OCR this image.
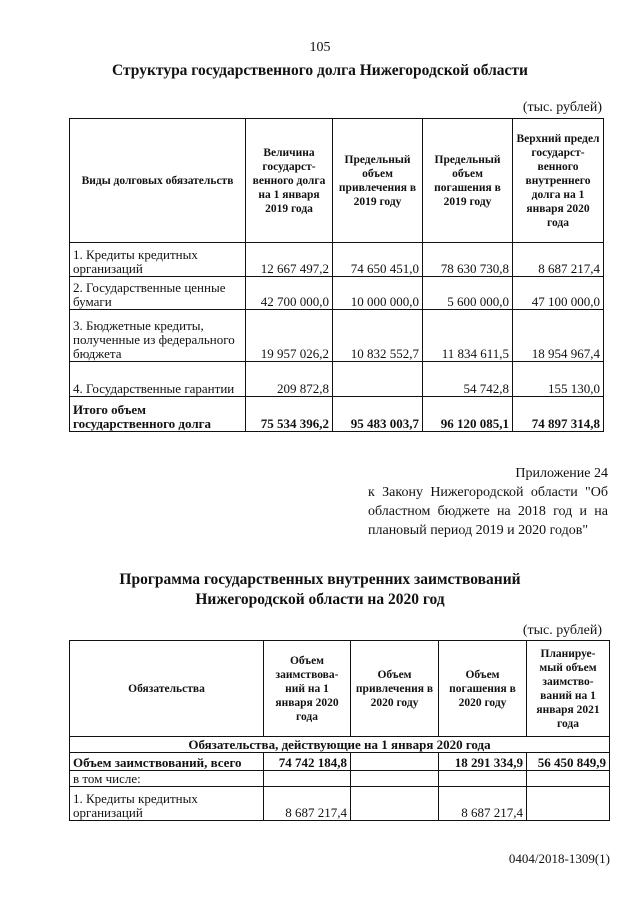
105
Структура государственного долга Нижегородской области
(тыс. рублей)
Виды долговых обязательств	Величина государст-венного долга на 1 января 2019 года	Предельный объем привлечения в 2019 году	Предельный объем погашения в 2019 году	Верхний предел государст-венного внутреннего долга на 1 января 2020 года
1. Кредиты кредитных организаций	12 667 497,2	74 650 451,0	78 630 730,8	8 687 217,4
2. Государственные ценные бумаги	42 700 000,0	10 000 000,0	5 600 000,0	47 100 000,0
3. Бюджетные кредиты, полученные из федерального бюджета	19 957 026,2	10 832 552,7	11 834 611,5	18 954 967,4
4. Государственные гарантии	209 872,8		54 742,8	155 130,0
Итого объем государственного долга	75 534 396,2	95 483 003,7	96 120 085,1	74 897 314,8
Приложение 24
к Закону Нижегородской области "Об областном бюджете на 2018 год и на плановый период 2019 и 2020 годов"
Программа государственных внутренних заимствований
Нижегородской области на 2020 год
(тыс. рублей)
Обязательства	Объем заимствова-ний на 1 января 2020 года	Объем привлечения в 2020 году	Объем погашения в 2020 году	Планируе-мый объем заимство-ваний на 1 января 2021 года
Обязательства, действующие на 1 января 2020 года				
Объем заимствований, всего	74 742 184,8		18 291 334,9	56 450 849,9
в том числе:				
1. Кредиты кредитных организаций	8 687 217,4		8 687 217,4	
0404/2018-1309(1)
